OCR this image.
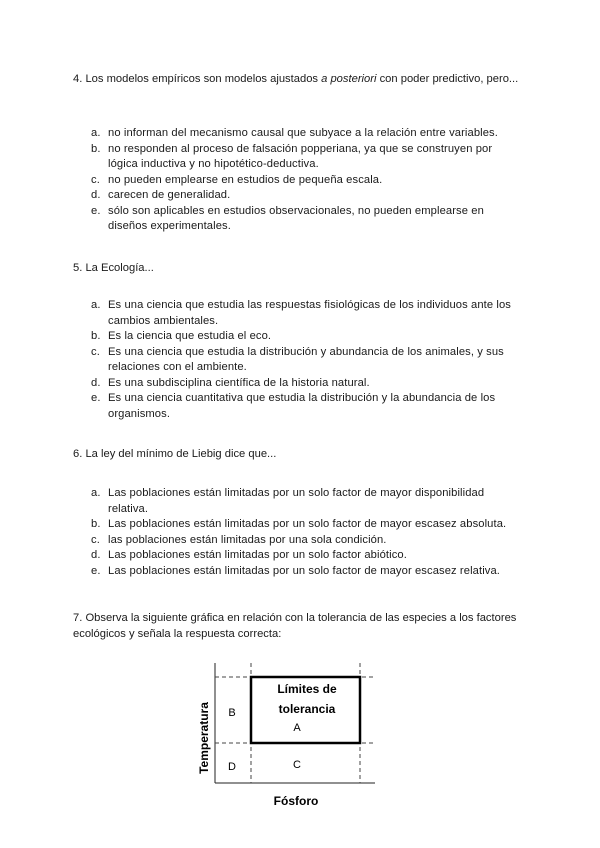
4. Los modelos empíricos son modelos ajustados a posteriori con poder predictivo, pero...

a. no informan del mecanismo causal que subyace a la relación entre variables.
b. no responden al proceso de falsación popperiana, ya que se construyen por lógica inductiva y no hipotético-deductiva.
c. no pueden emplearse en estudios de pequeña escala.
d. carecen de generalidad.
e. sólo son aplicables en estudios observacionales, no pueden emplearse en diseños experimentales.

5. La Ecología...

a. Es una ciencia que estudia las respuestas fisiológicas de los individuos ante los cambios ambientales.
b. Es la ciencia que estudia el eco.
c. Es una ciencia que estudia la distribución y abundancia de los animales, y sus relaciones con el ambiente.
d. Es una subdisciplina científica de la historia natural.
e. Es una ciencia cuantitativa que estudia la distribución y la abundancia de los organismos.

6. La ley del mínimo de Liebig dice que...

a. Las poblaciones están limitadas por un solo factor de mayor disponibilidad relativa.
b. Las poblaciones están limitadas por un solo factor de mayor escasez absoluta.
c. las poblaciones están limitadas por una sola condición.
d. Las poblaciones están limitadas por un solo factor abiótico.
e. Las poblaciones están limitadas por un solo factor de mayor escasez relativa.

7. Observa la siguiente gráfica en relación con la tolerancia de las especies a los factores ecológicos y señala la respuesta correcta:

Límites de
tolerancia
A
B
C
D
Fósforo
Temperatura
